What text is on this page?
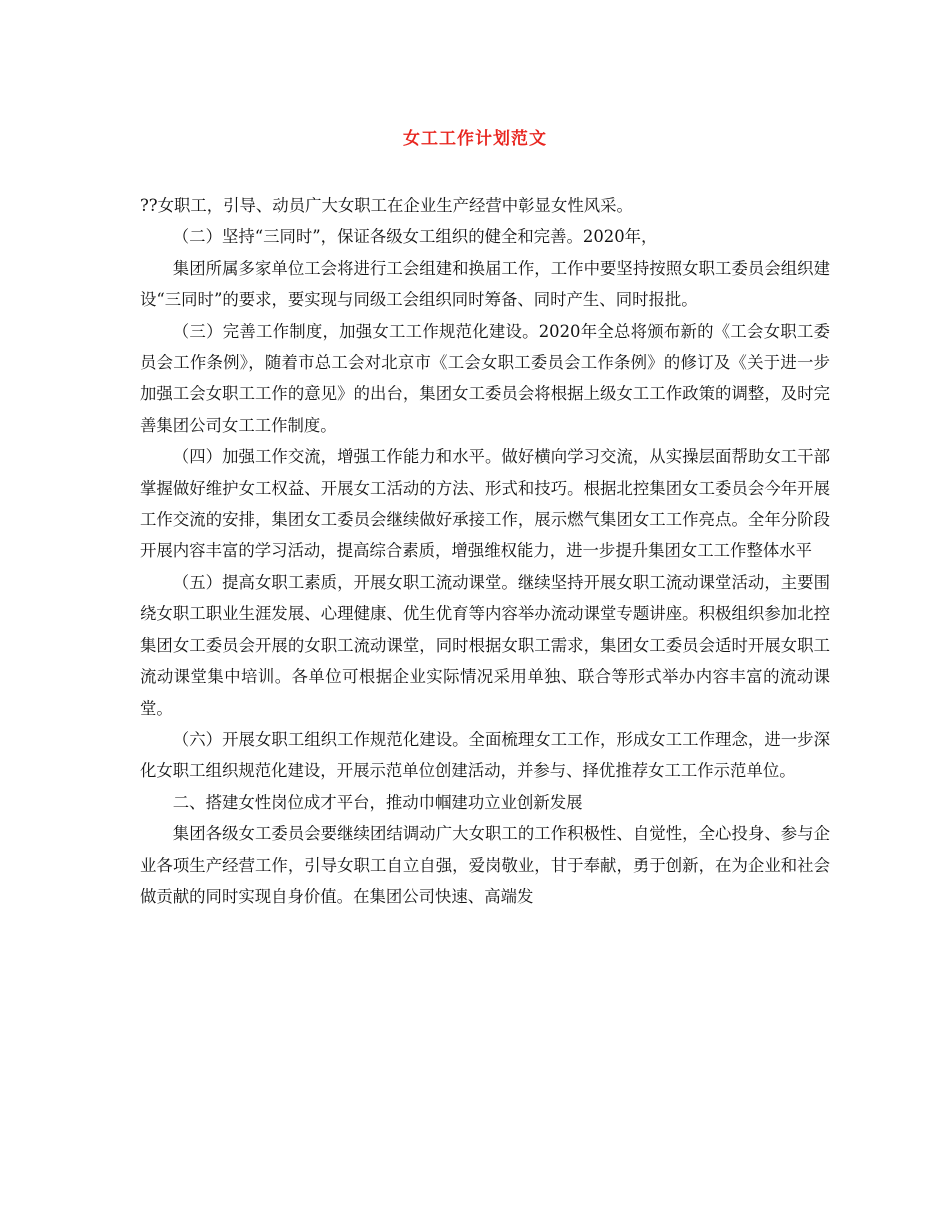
女工工作计划范文

??女职工，引导、动员广大女职工在企业生产经营中彰显女性风采。

（二）坚持“三同时”，保证各级女工组织的健全和完善。2020年，

集团所属多家单位工会将进行工会组建和换届工作，工作中要坚持按照女职工委员会组织建设“三同时”的要求，要实现与同级工会组织同时筹备、同时产生、同时报批。

（三）完善工作制度，加强女工工作规范化建设。2020年全总将颁布新的《工会女职工委员会工作条例》，随着市总工会对北京市《工会女职工委员会工作条例》的修订及《关于进一步加强工会女职工工作的意见》的出台，集团女工委员会将根据上级女工工作政策的调整，及时完善集团公司女工工作制度。

（四）加强工作交流，增强工作能力和水平。做好横向学习交流，从实操层面帮助女工干部掌握做好维护女工权益、开展女工活动的方法、形式和技巧。根据北控集团女工委员会今年开展工作交流的安排，集团女工委员会继续做好承接工作，展示燃气集团女工工作亮点。全年分阶段开展内容丰富的学习活动，提高综合素质，增强维权能力，进一步提升集团女工工作整体水平

（五）提高女职工素质，开展女职工流动课堂。继续坚持开展女职工流动课堂活动，主要围绕女职工职业生涯发展、心理健康、优生优育等内容举办流动课堂专题讲座。积极组织参加北控集团女工委员会开展的女职工流动课堂，同时根据女职工需求，集团女工委员会适时开展女职工流动课堂集中培训。各单位可根据企业实际情况采用单独、联合等形式举办内容丰富的流动课堂。

（六）开展女职工组织工作规范化建设。全面梳理女工工作，形成女工工作理念，进一步深化女职工组织规范化建设，开展示范单位创建活动，并参与、择优推荐女工工作示范单位。

二、搭建女性岗位成才平台，推动巾帼建功立业创新发展

集团各级女工委员会要继续团结调动广大女职工的工作积极性、自觉性，全心投身、参与企业各项生产经营工作，引导女职工自立自强，爱岗敬业，甘于奉献，勇于创新，在为企业和社会做贡献的同时实现自身价值。在集团公司快速、高端发
